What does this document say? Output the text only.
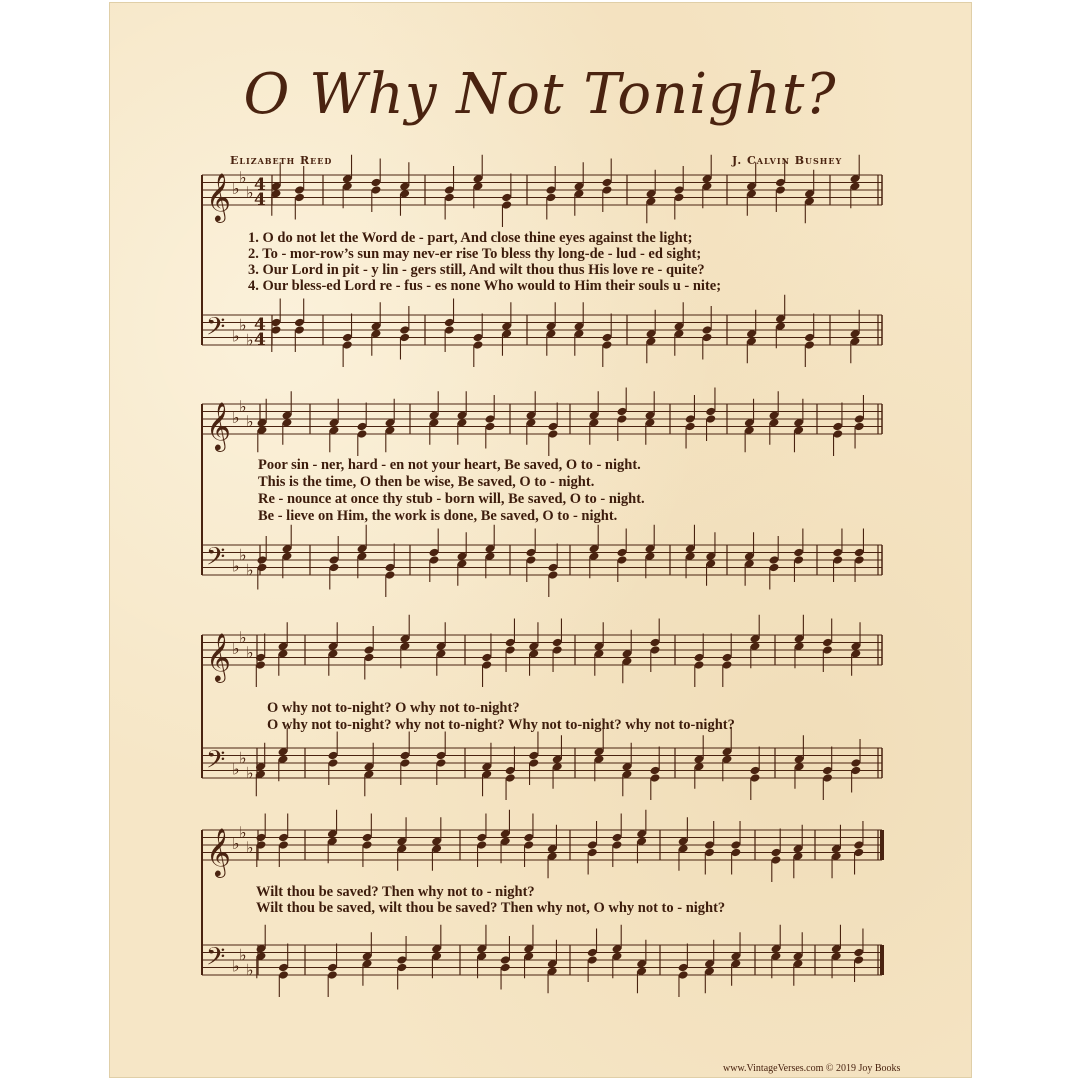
O Why Not Tonight?
Elizabeth Reed	J. Calvin Bushey
𝄞 ♭
♭
♭ 4
4
𝄢 ♭
♭
♭
4
4
𝄞 ♭
♭
♭
𝄢 ♭
♭
♭
𝄞 ♭
♭
♭
𝄢 ♭
♭
♭
𝄞 ♭
♭
♭
𝄢 ♭
♭
♭
1. O do not let the Word de - part, And close thine eyes against the light;
2. To - mor-row’s sun may nev-er rise To bless thy long-de - lud - ed sight;
3. Our Lord in pit - y lin - gers still, And wilt thou thus His love re - quite?
4. Our bless-ed Lord re - fus - es none Who would to Him their souls u - nite;
Poor sin - ner, hard - en not your heart, Be saved, O to - night.
This is the time, O then be wise, Be saved, O to - night.
Re - nounce at once thy stub - born will, Be saved, O to - night.
Be - lieve on Him, the work is done, Be saved, O to - night.
O why not to-night? O why not to-night?
O why not to-night? why not to-night? Why not to-night? why not to-night?
Wilt thou be saved? Then why not to - night?
Wilt thou be saved, wilt thou be saved? Then why not, O why not to - night?
www.VintageVerses.com © 2019 Joy Books
